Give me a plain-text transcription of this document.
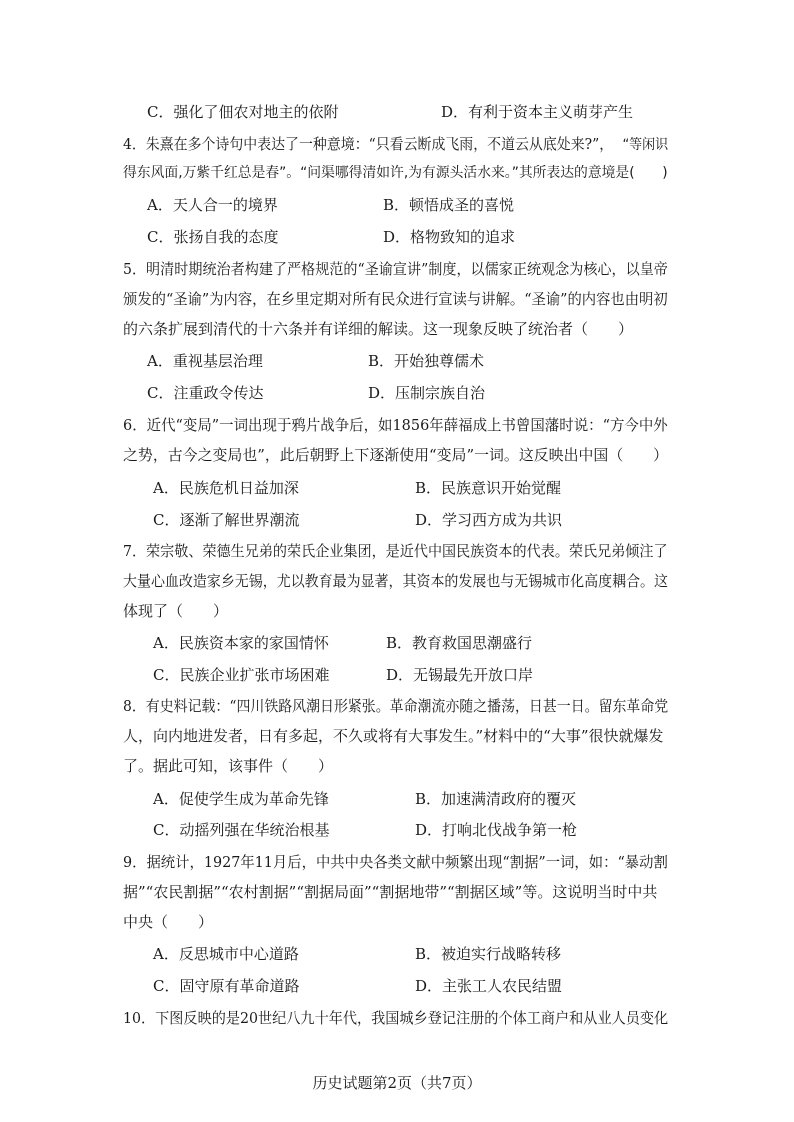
C．强化了佃农对地主的依附	D．有利于资本主义萌芽产生
4．朱熹在多个诗句中表达了一种意境：“只看云断成飞雨，不道云从底处来?”， “等闲识
得东风面,万紫千红总是春”。“问渠哪得清如许,为有源头活水来。”其所表达的意境是(　　)
A．天人合一的境界	B．顿悟成圣的喜悦
C．张扬自我的态度	D．格物致知的追求
5．明清时期统治者构建了严格规范的“圣谕宣讲”制度，以儒家正统观念为核心，以皇帝
颁发的“圣谕”为内容，在乡里定期对所有民众进行宣读与讲解。“圣谕”的内容也由明初
的六条扩展到清代的十六条并有详细的解读。这一现象反映了统治者（　　）
A．重视基层治理	B．开始独尊儒术
C．注重政令传达	D．压制宗族自治
6．近代“变局”一词出现于鸦片战争后，如1856年薛福成上书曾国藩时说：“方今中外
之势，古今之变局也”，此后朝野上下逐渐使用“变局”一词。这反映出中国（　　）
A．民族危机日益加深	B．民族意识开始觉醒
C．逐渐了解世界潮流	D．学习西方成为共识
7．荣宗敬、荣德生兄弟的荣氏企业集团，是近代中国民族资本的代表。荣氏兄弟倾注了
大量心血改造家乡无锡，尤以教育最为显著，其资本的发展也与无锡城市化高度耦合。这
体现了（　　）
A．民族资本家的家国情怀	B．教育救国思潮盛行
C．民族企业扩张市场困难	D．无锡最先开放口岸
8．有史料记载：“四川铁路风潮日形紧张。革命潮流亦随之播荡，日甚一日。留东革命党
人，向内地进发者，日有多起，不久或将有大事发生。”材料中的“大事”很快就爆发
了。据此可知，该事件（　　）
A．促使学生成为革命先锋	B．加速满清政府的覆灭
C．动摇列强在华统治根基	D．打响北伐战争第一枪
9．据统计，1927年11月后，中共中央各类文献中频繁出现“割据”一词，如：“暴动割
据”“农民割据”“农村割据”“割据局面”“割据地带”“割据区域”等。这说明当时中共
中央（　　）
A．反思城市中心道路	B．被迫实行战略转移
C．固守原有革命道路	D．主张工人农民结盟
10．下图反映的是20世纪八九十年代，我国城乡登记注册的个体工商户和从业人员变化
历史试题第2页（共7页）
